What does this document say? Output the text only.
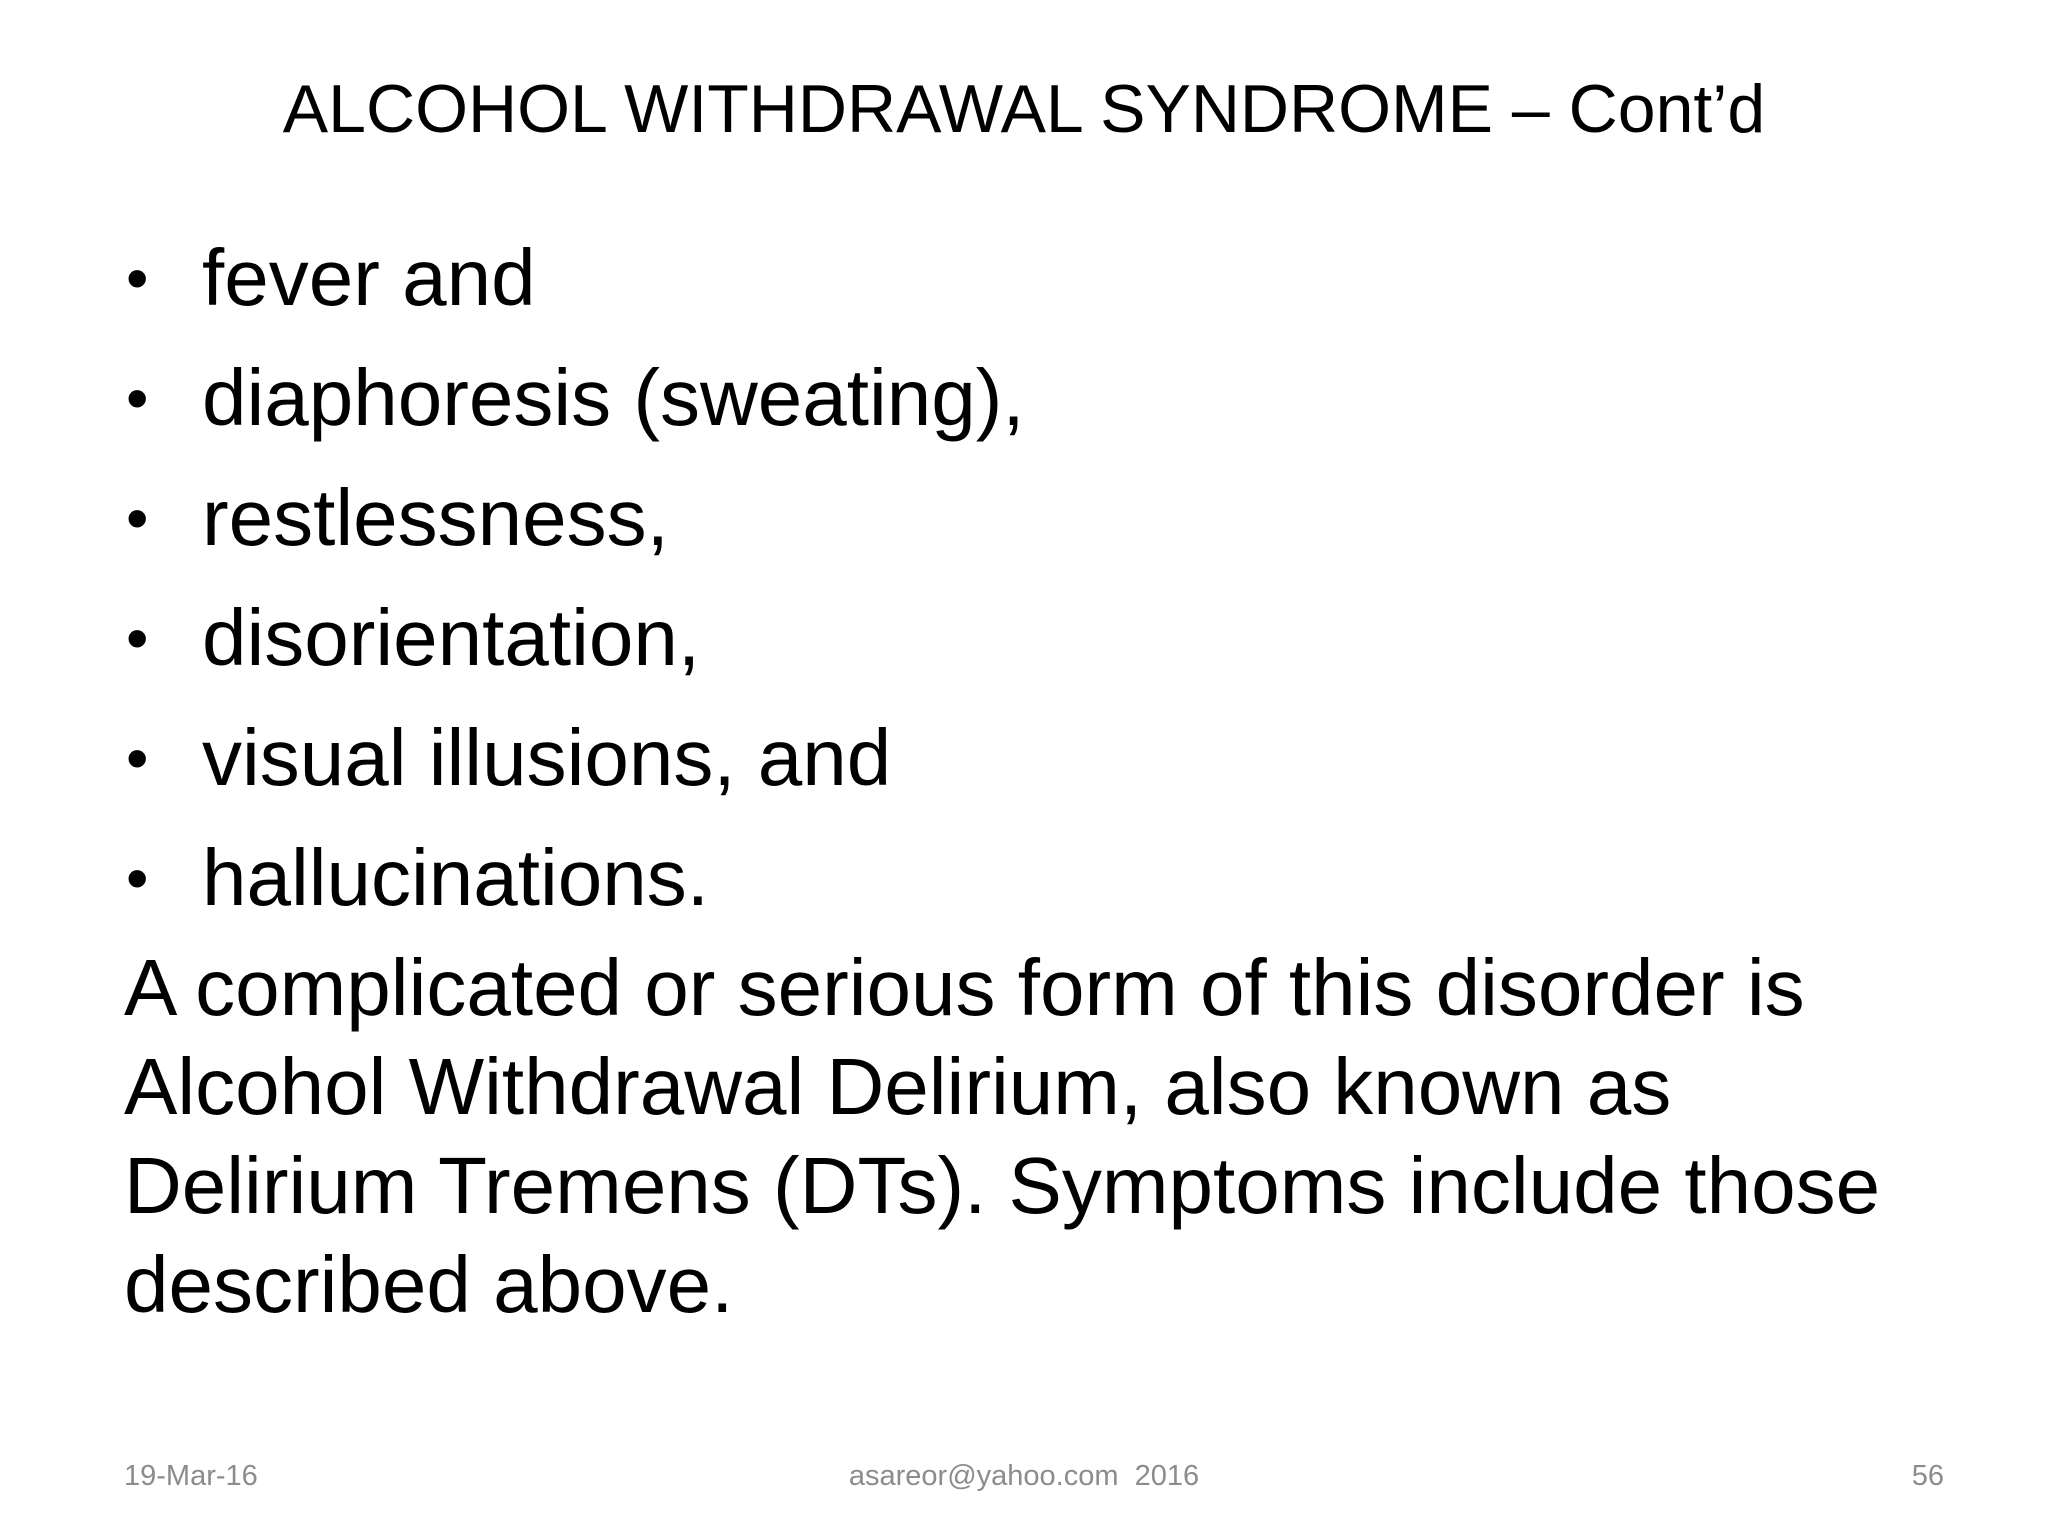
ALCOHOL WITHDRAWAL SYNDROME – Cont’d
• fever and
• diaphoresis (sweating),
• restlessness,
• disorientation,
• visual illusions, and
• hallucinations.

A complicated or serious form of this disorder is Alcohol Withdrawal Delirium, also known as Delirium Tremens (DTs). Symptoms include those described above.

19-Mar-16	asareor@yahoo.com  2016	56
